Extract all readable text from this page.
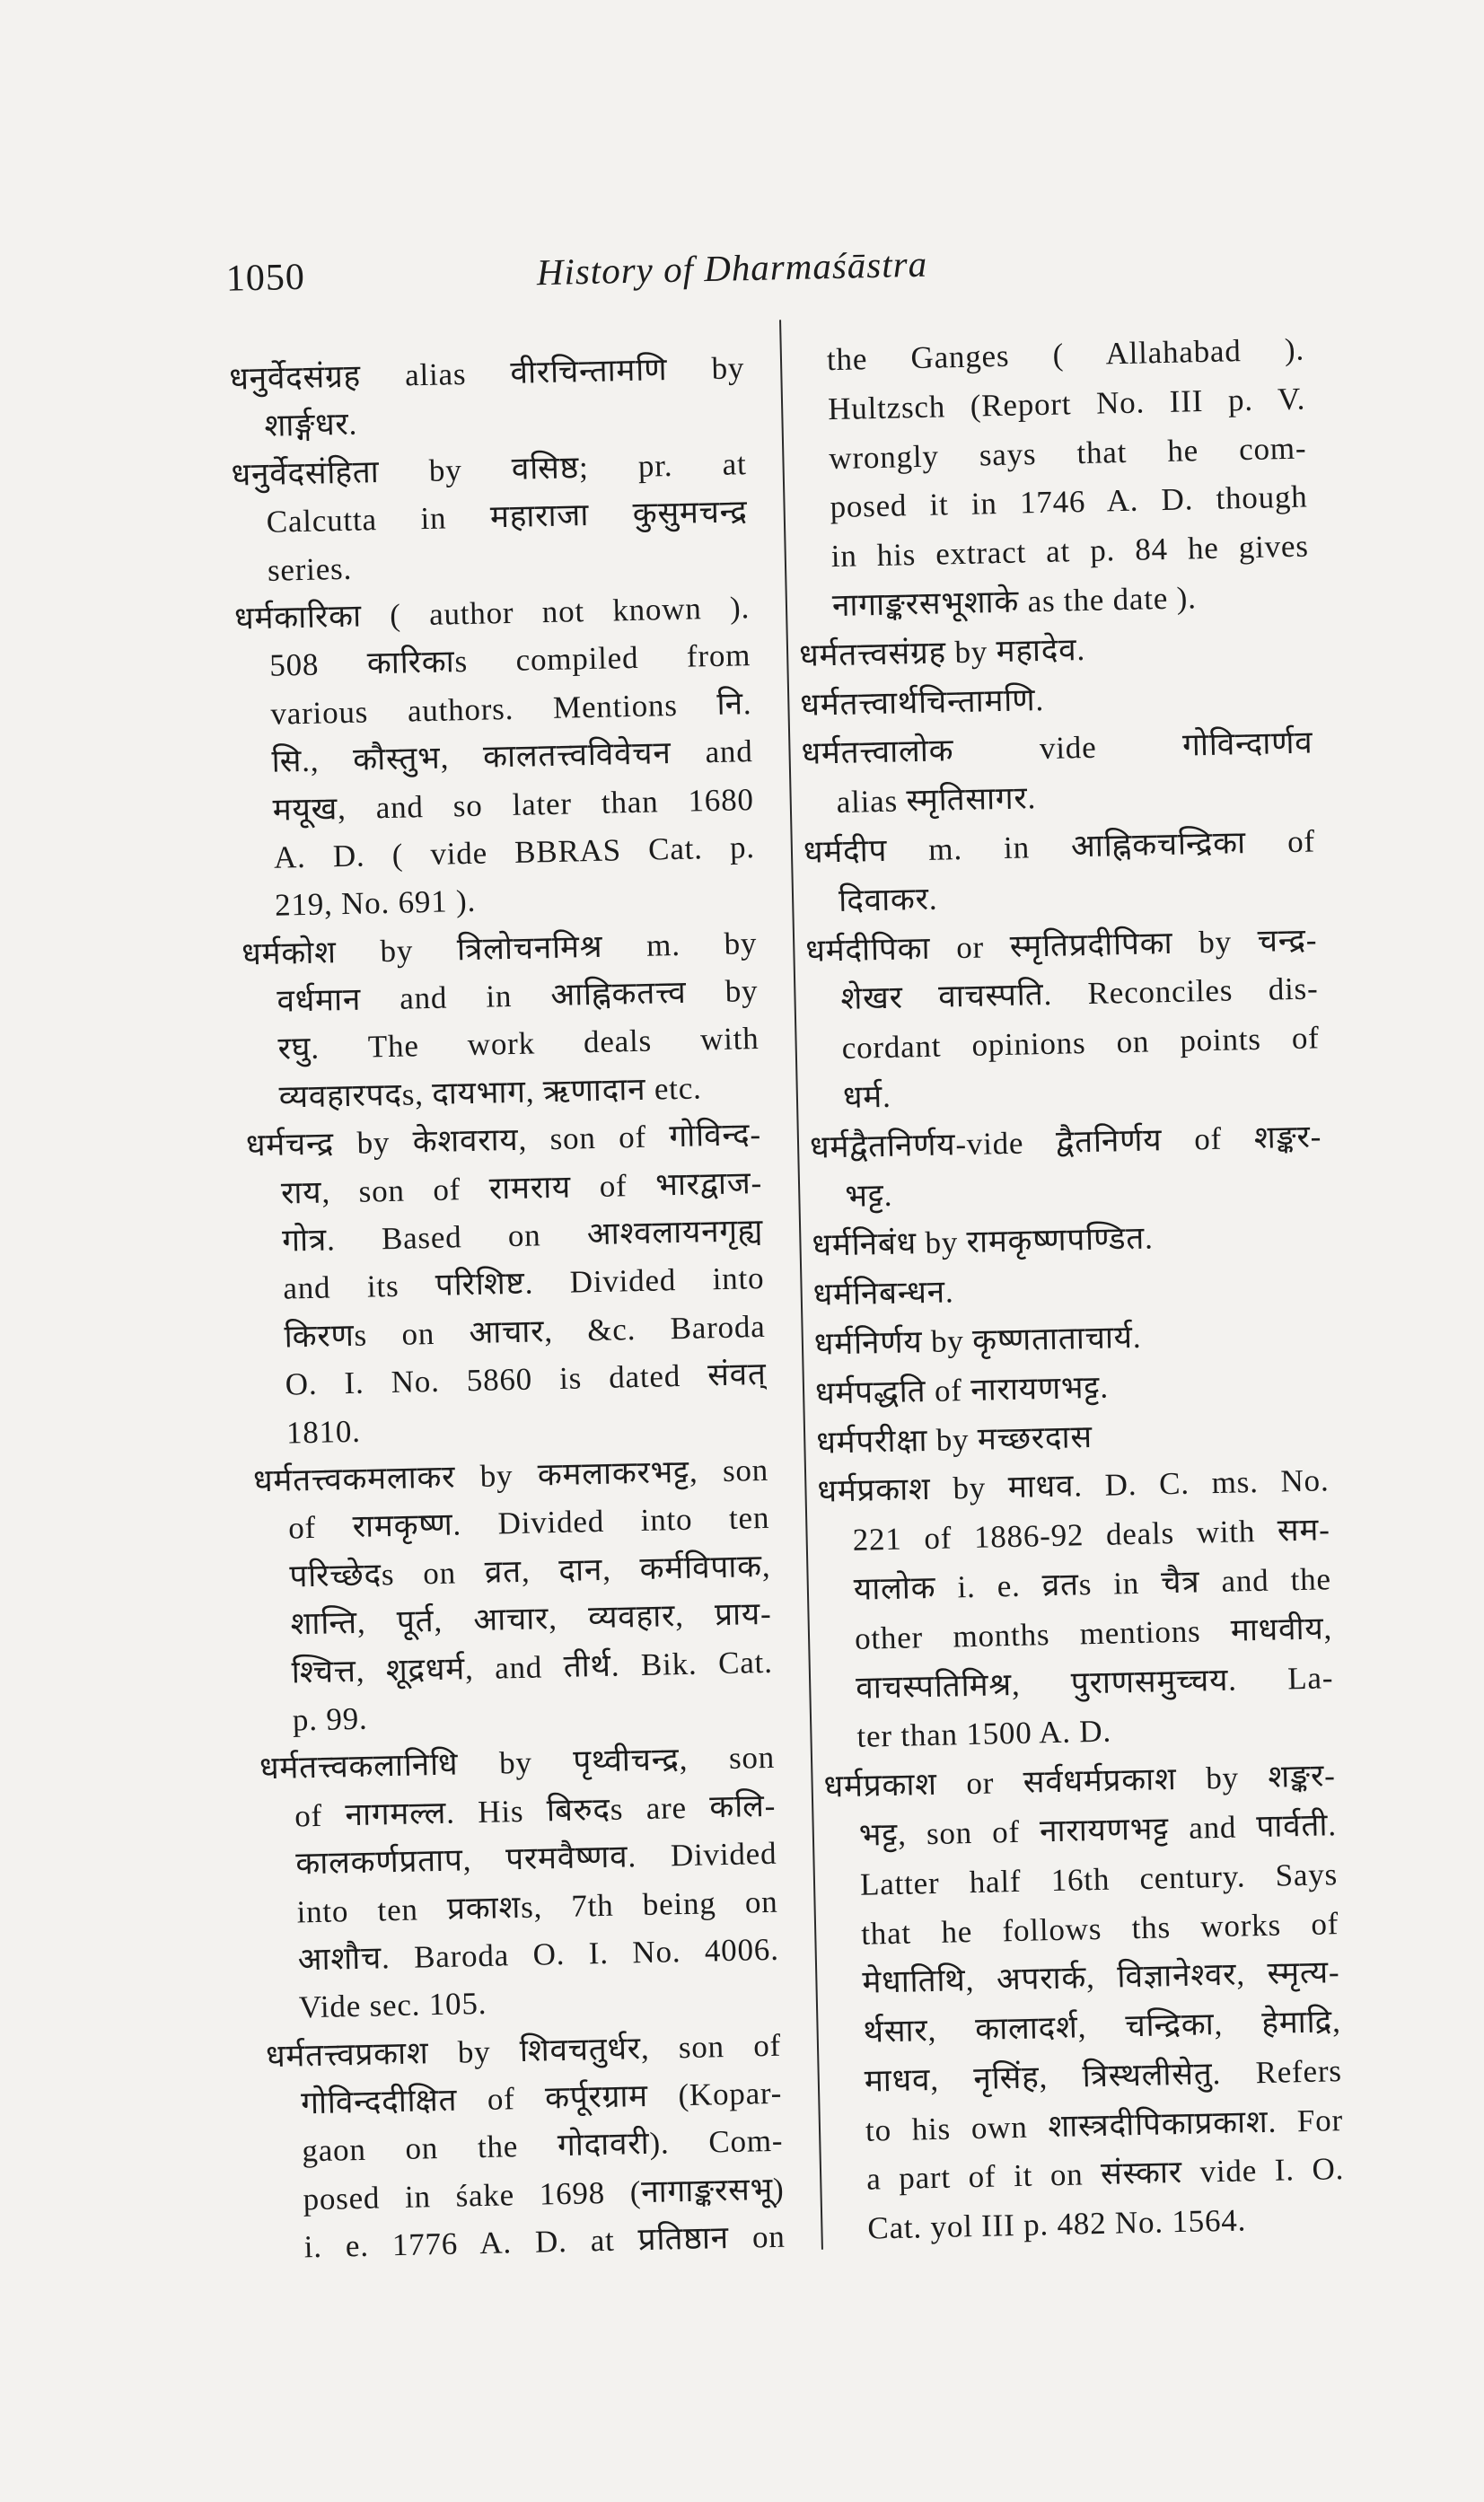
1050	History of Dharmaśāstra
धनुर्वेदसंग्रह alias वीरचिन्तामणि by
शार्ङ्गधर.
धनुर्वेदसंहिता by वसिष्ठ; pr. at
Calcutta in महाराजा कुसुमचन्द्र
series.
धर्मकारिका ( author not known ).
508 कारिकाs compiled from
various authors. Mentions नि.
सि., कौस्तुभ, कालतत्त्वविवेचन and
मयूख, and so later than 1680
A. D. ( vide BBRAS Cat. p.
219, No. 691 ).
धर्मकोश by त्रिलोचनमिश्र m. by
वर्धमान and in आह्निकतत्त्व by
रघु. The work deals with
व्यवहारपदs, दायभाग, ऋणादान etc.
धर्मचन्द्र by केशवराय, son of गोविन्द-
राय, son of रामराय of भारद्वाज-
गोत्र. Based on आश्वलायनगृह्य
and its परिशिष्ट. Divided into
किरणs on आचार, &c. Baroda
O. I. No. 5860 is dated संवत्
1810.
धर्मतत्त्वकमलाकर by कमलाकरभट्ट, son
of रामकृष्ण. Divided into ten
परिच्छेदs on व्रत, दान, कर्मविपाक,
शान्ति, पूर्त, आचार, व्यवहार, प्राय-
श्चित्त, शूद्रधर्म, and तीर्थ. Bik. Cat.
p. 99.
धर्मतत्त्वकलानिधि by पृथ्वीचन्द्र, son
of नागमल्ल. His बिरुदs are कलि-
कालकर्णप्रताप, परमवैष्णव. Divided
into ten प्रकाशs, 7th being on
आशौच. Baroda O. I. No. 4006.
Vide sec. 105.
धर्मतत्त्वप्रकाश by शिवचतुर्धर, son of
गोविन्ददीक्षित of कर्पूरग्राम (Kopar-
gaon on the गोदावरी). Com-
posed in śake 1698 (नागाङ्करसभू)
i. e. 1776 A. D. at प्रतिष्ठान on
the Ganges ( Allahabad ).
Hultzsch (Report No. III p. V.
wrongly says that he com-
posed it in 1746 A. D. though
in his extract at p. 84 he gives
नागाङ्करसभूशाके as the date ).
धर्मतत्त्वसंग्रह by महादेव.
धर्मतत्त्वार्थचिन्तामणि.
धर्मतत्त्वालोक vide गोविन्दार्णव
alias स्मृतिसागर.
धर्मदीप m. in आह्निकचन्द्रिका of
दिवाकर.
धर्मदीपिका or स्मृतिप्रदीपिका by चन्द्र-
शेखर वाचस्पति. Reconciles dis-
cordant opinions on points of
धर्म.
धर्मद्वैतनिर्णय-vide द्वैतनिर्णय of शङ्कर-
भट्ट.
धर्मनिबंध by रामकृष्णपण्डित.
धर्मनिबन्धन.
धर्मनिर्णय by कृष्णताताचार्य.
धर्मपद्धति of नारायणभट्ट.
धर्मपरीक्षा by मच्छरदास
धर्मप्रकाश by माधव. D. C. ms. No.
221 of 1886-92 deals with सम-
यालोक i. e. व्रतs in चैत्र and the
other months mentions माधवीय,
वाचस्पतिमिश्र, पुराणसमुच्चय. La-
ter than 1500 A. D.
धर्मप्रकाश or सर्वधर्मप्रकाश by शङ्कर-
भट्ट, son of नारायणभट्ट and पार्वती.
Latter half 16th century. Says
that he follows ths works of
मेधातिथि, अपरार्क, विज्ञानेश्वर, स्मृत्य-
र्थसार, कालादर्श, चन्द्रिका, हेमाद्रि,
माधव, नृसिंह, त्रिस्थलीसेतु. Refers
to his own शास्त्रदीपिकाप्रकाश. For
a part of it on संस्कार vide I. O.
Cat. yol III p. 482 No. 1564.
